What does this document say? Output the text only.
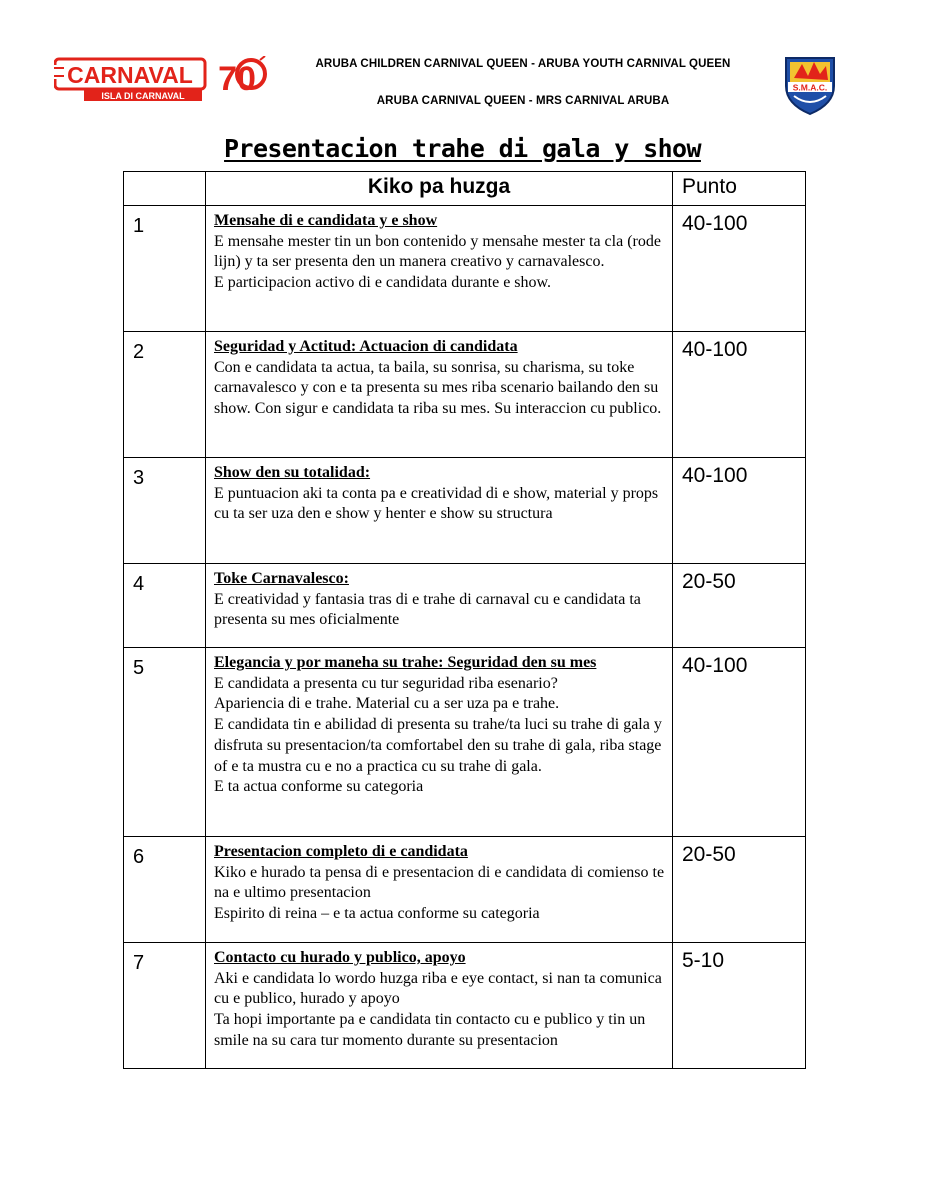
CARNAVAL
ISLA DI CARNAVAL 70	ARUBA CHILDREN CARNIVAL QUEEN - ARUBA YOUTH CARNIVAL QUEEN
ARUBA CARNIVAL QUEEN - MRS CARNIVAL ARUBA
S.M.A.C.
Presentacion trahe di gala y show
	Kiko pa huzga	Punto
1	Mensahe di e candidata y e show
E mensahe mester tin un bon contenido y mensahe mester ta cla (rode lijn) y ta ser presenta den un manera creativo y carnavalesco.
E participacion activo di e candidata durante e show.	40-100
2	Seguridad y Actitud: Actuacion di candidata
Con e candidata ta actua, ta baila, su sonrisa, su charisma, su toke carnavalesco y con e ta presenta su mes riba scenario bailando den su show. Con sigur e candidata ta riba su mes. Su interaccion cu publico.	40-100
3	Show den su totalidad:
E puntuacion aki ta conta pa e creatividad di e show, material y props cu ta ser uza den e show y henter e show su structura	40-100
4	Toke Carnavalesco:
E creatividad y fantasia tras di e trahe di carnaval cu e candidata ta presenta su mes oficialmente	20-50
5	Elegancia y por maneha su trahe: Seguridad den su mes
E candidata a presenta cu tur seguridad riba esenario?
Apariencia di e trahe. Material cu a ser uza pa e trahe.
E candidata tin e abilidad di presenta su trahe/ta luci su trahe di gala y disfruta su presentacion/ta comfortabel den su trahe di gala, riba stage of e ta mustra cu e no a practica cu su trahe di gala.
E ta actua conforme su categoria	40-100
6	Presentacion completo di e candidata
Kiko e hurado ta pensa di e presentacion di e candidata di comienso te na e ultimo presentacion
Espirito di reina – e ta actua conforme su categoria	20-50
7	Contacto cu hurado y publico, apoyo
Aki e candidata lo wordo huzga riba e eye contact, si nan ta comunica cu e publico, hurado y apoyo
Ta hopi importante pa e candidata tin contacto cu e publico y tin un smile na su cara tur momento durante su presentacion	5-10
